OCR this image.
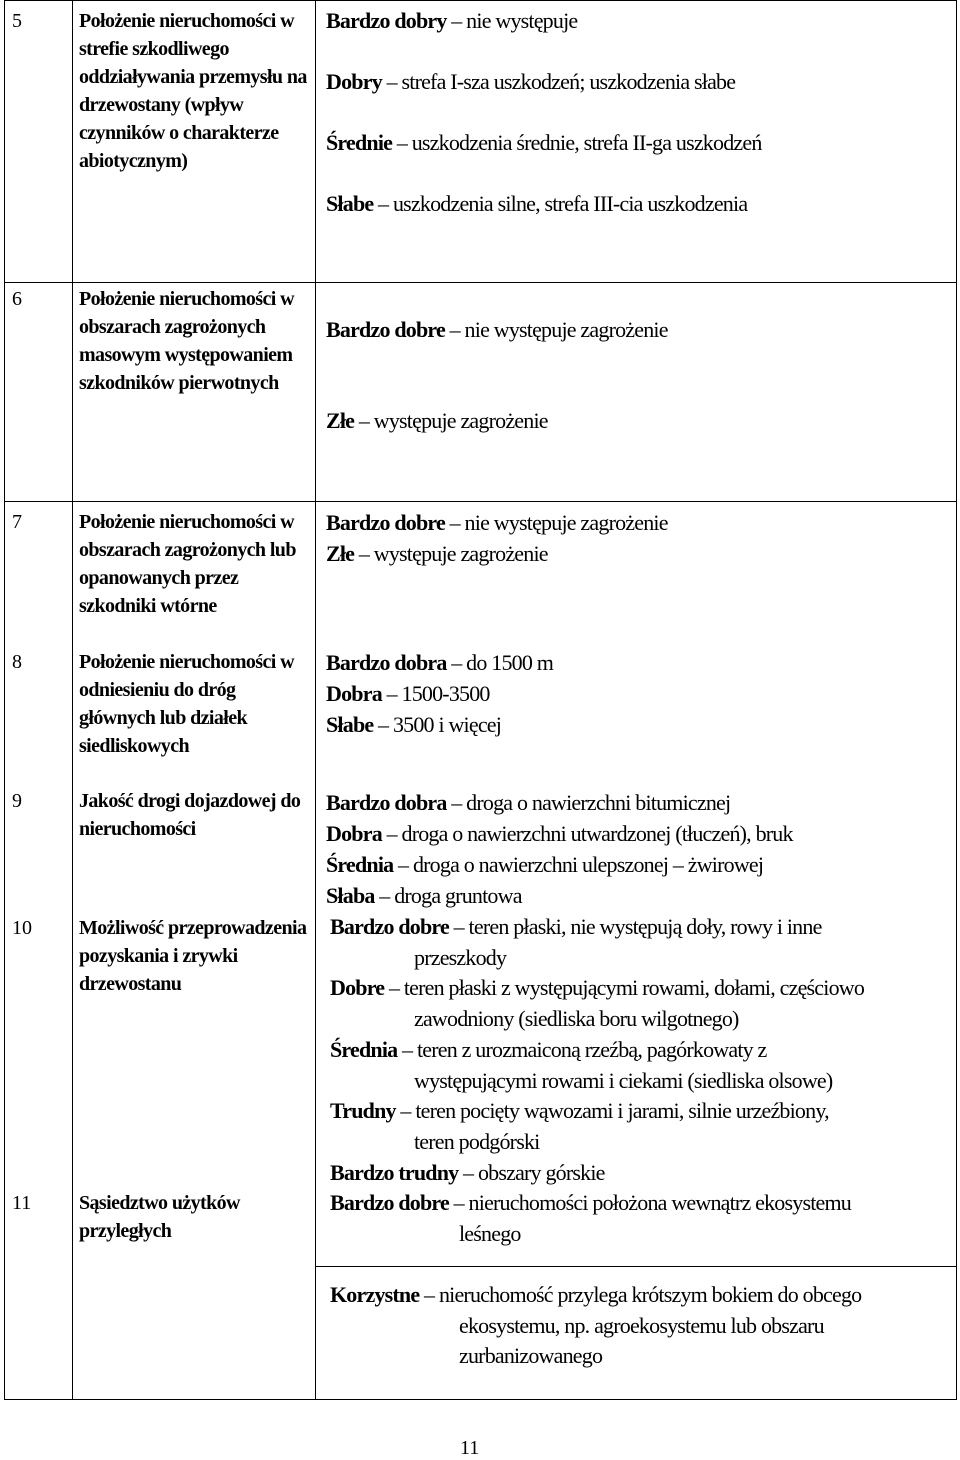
5	Położenie nieruchomości w strefie szkodliwego oddziaływania przemysłu na drzewostany (wpływ czynników o charakterze abiotycznym)
Bardzo dobry – nie występuje
Dobry – strefa I-sza uszkodzeń; uszkodzenia słabe
Średnie – uszkodzenia średnie, strefa II-ga uszkodzeń
Słabe – uszkodzenia silne, strefa III-cia uszkodzenia
6	Położenie nieruchomości w obszarach zagrożonych masowym występowaniem szkodników pierwotnych
Bardzo dobre – nie występuje zagrożenie
Złe – występuje zagrożenie
7	Położenie nieruchomości w obszarach zagrożonych lub opanowanych przez szkodniki wtórne
Bardzo dobre – nie występuje zagrożenie
Złe – występuje zagrożenie
8	Położenie nieruchomości w odniesieniu do dróg głównych lub działek siedliskowych
Bardzo dobra – do 1500 m
Dobra – 1500-3500
Słabe – 3500 i więcej
9	Jakość drogi dojazdowej do nieruchomości
Bardzo dobra – droga o nawierzchni bitumicznej
Dobra – droga o nawierzchni utwardzonej (tłuczeń), bruk
Średnia – droga o nawierzchni ulepszonej – żwirowej
Słaba – droga gruntowa
10 Możliwość przeprowadzenia pozyskania i zrywki drzewostanu
Bardzo dobre – teren płaski, nie występują doły, rowy i inne
przeszkody
Dobre – teren płaski z występującymi rowami, dołami, częściowo
zawodniony (siedliska boru wilgotnego)
Średnia – teren z urozmaiconą rzeźbą, pagórkowaty z
występującymi rowami i ciekami (siedliska olsowe)
Trudny – teren pocięty wąwozami i jarami, silnie urzeźbiony,
teren podgórski
Bardzo trudny – obszary górskie
11 Sąsiedztwo użytków przyległych
Bardzo dobre – nieruchomości położona wewnątrz ekosystemu
leśnego
Korzystne – nieruchomość przylega krótszym bokiem do obcego
ekosystemu, np. agroekosystemu lub obszaru
zurbanizowanego
11
